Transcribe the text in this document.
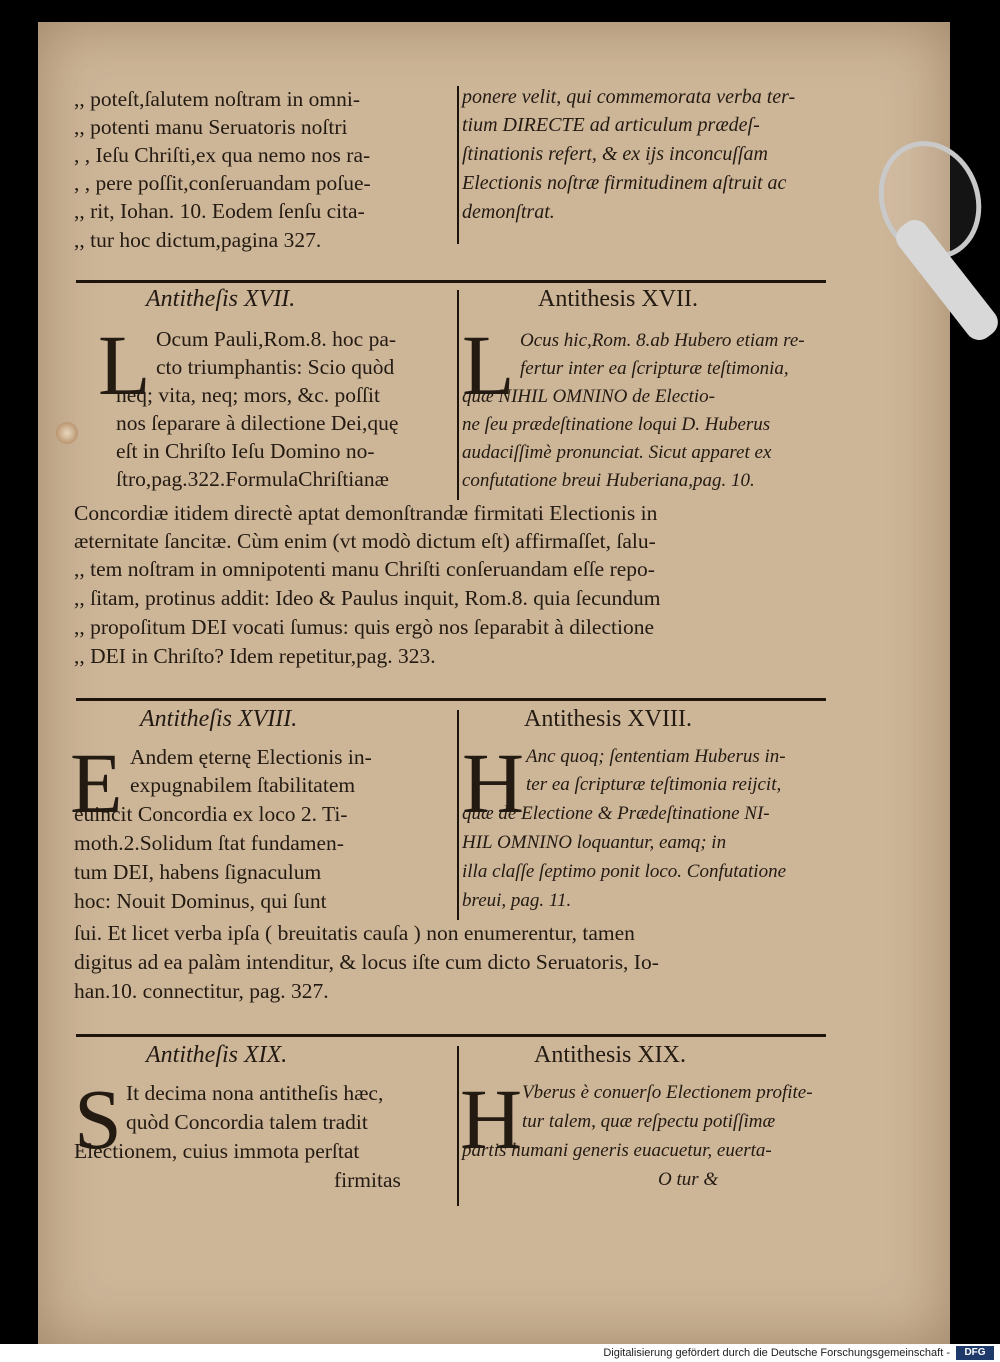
,, poteſt,ſalutem noſtram in omni-
,, potenti manu Seruatoris noſtri
, , Ieſu Chriſti,ex qua nemo nos ra-
, , pere poſſit,conſeruandam poſue-
,, rit, Iohan. 10. Eodem ſenſu cita-
,, tur hoc dictum,pagina 327.
ponere velit, qui commemorata verba ter-
tium DIRECTE ad articulum prædeſ-
ſtinationis refert, & ex ijs inconcuſſam
Electionis noſtræ firmitudinem aſtruit ac
demonſtrat.
Antitheſis XVII.	Antithesis XVII.
L Ocum Pauli,Rom.8. hoc pa-
cto triumphantis: Scio quòd
neq; vita, neq; mors, &c. poſſit
nos ſeparare à dilectione Dei,quę
eſt in Chriſto Ieſu Domino no-
ſtro,pag.322.FormulaChriſtianæ
L Ocus hic,Rom. 8.ab Hubero etiam re-
fertur inter ea ſcripturæ teſtimonia,
quæ NIHIL OMNINO de Electio-
ne ſeu prædeſtinatione loqui D. Huberus
audaciſſimè pronunciat. Sicut apparet ex
confutatione breui Huberiana,pag. 10.
Concordiæ itidem directè aptat demonſtrandæ firmitati Electionis in
æternitate ſancitæ. Cùm enim (vt modò dictum eſt) affirmaſſet, ſalu-
,, tem noſtram in omnipotenti manu Chriſti conſeruandam eſſe repo-
,, ſitam, protinus addit: Ideo & Paulus inquit, Rom.8. quia ſecundum
,, propoſitum DEI vocati ſumus: quis ergò nos ſeparabit à dilectione
,, DEI in Chriſto? Idem repetitur,pag. 323.
Antitheſis XVIII.	Antithesis XVIII.
E Andem ęternę Electionis in-
expugnabilem ſtabilitatem
euincit Concordia ex loco 2. Ti-
moth.2.Solidum ſtat fundamen-
tum DEI, habens ſignaculum
hoc: Nouit Dominus, qui ſunt
H Anc quoq; ſententiam Huberus in-
ter ea ſcripturæ teſtimonia reijcit,
quæ de Electione & Prædeſtinatione NI-
HIL OMNINO loquantur, eamq; in
illa claſſe ſeptimo ponit loco. Confutatione
breui, pag. 11.
ſui. Et licet verba ipſa ( breuitatis cauſa ) non enumerentur, tamen
digitus ad ea palàm intenditur, & locus iſte cum dicto Seruatoris, Io-
han.10. connectitur, pag. 327.
Antitheſis XIX.	Antithesis XIX.
S It decima nona antitheſis hæc,
quòd Concordia talem tradit
Electionem, cuius immota perſtat
firmitas
H Vberus è conuerſo Electionem profite-
tur talem, quæ reſpectu potiſſimæ
partis humani generis euacuetur, euerta-
O tur &
Digitalisierung gefördert durch die Deutsche Forschungsgemeinschaft -	DFG
